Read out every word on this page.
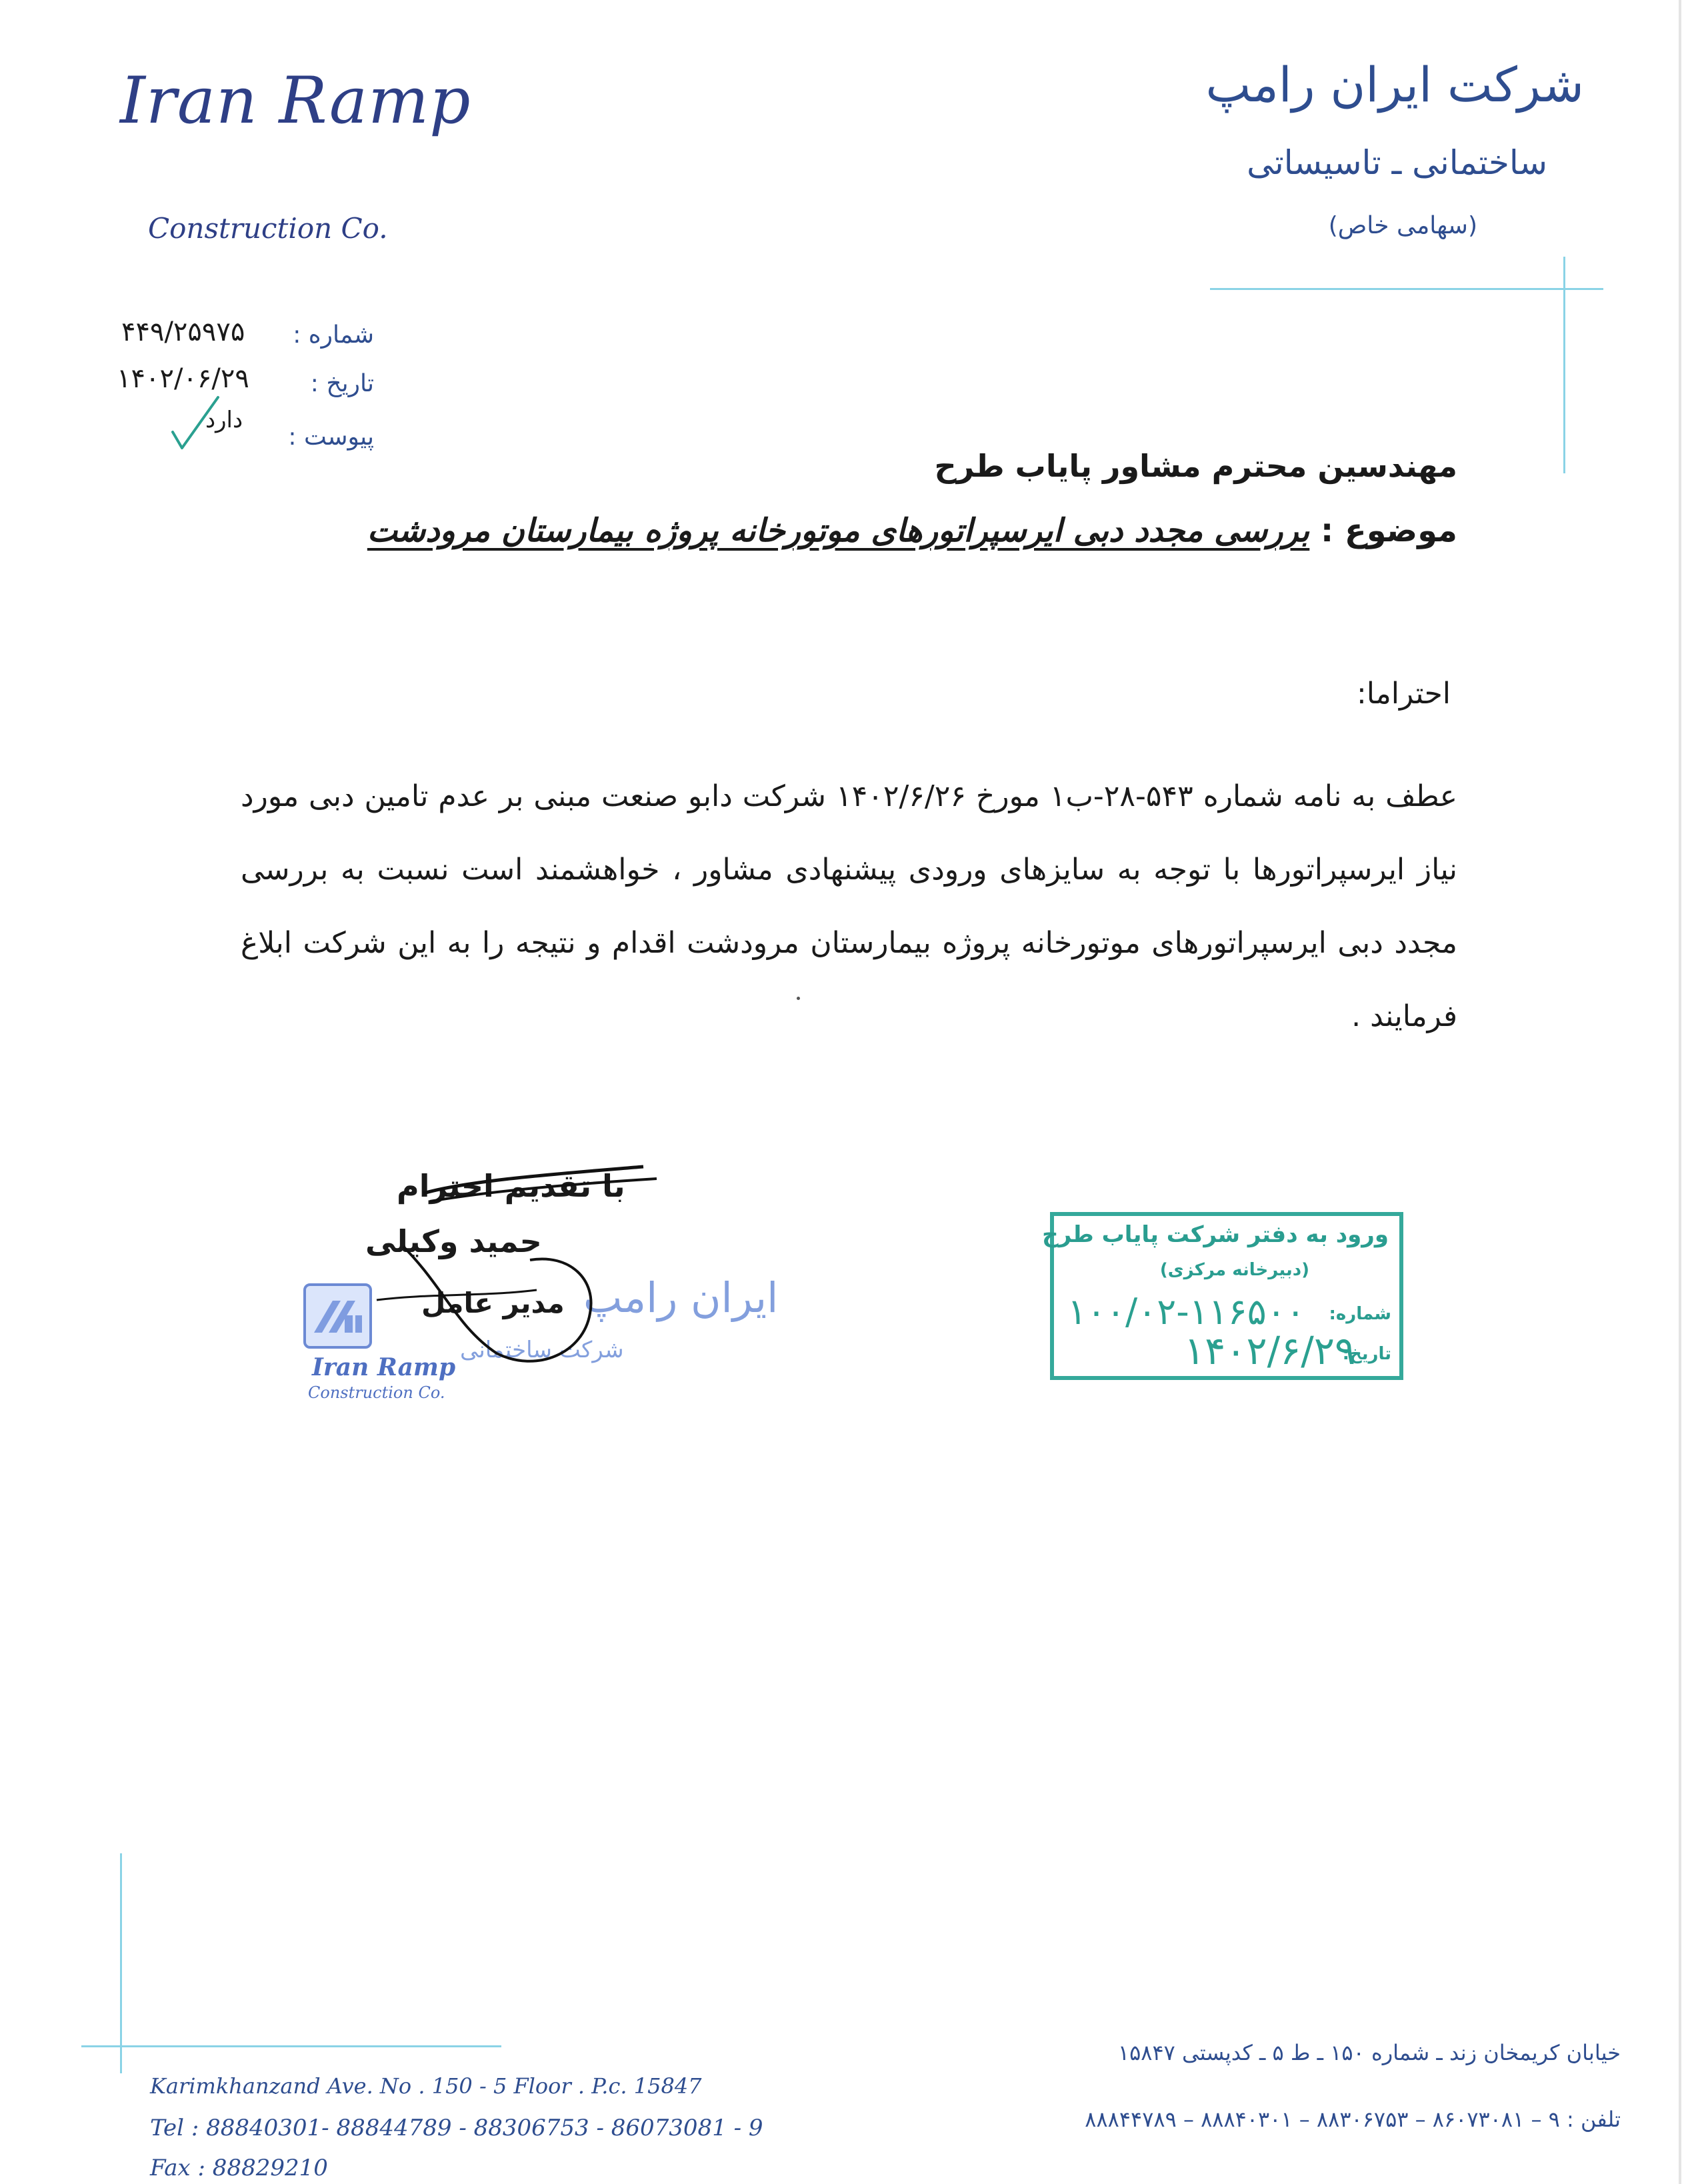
Iran Ramp
Construction Co.
شرکت ایران رامپ
ساختمانی ـ تاسیساتی
(سهامی خاص)
شماره :
۴۴۹/۲۵۹۷۵
تاریخ :
۱۴۰۲/۰۶/۲۹
پیوست :
دارد
مهندسین محترم مشاور پایاب طرح
موضوع : بررسی مجدد دبی ایرسپراتورهای موتورخانه پروژه بیمارستان مرودشت
احتراما:
عطف به نامه شماره ۵۴۳-۲۸-ب۱ مورخ ۱۴۰۲/۶/۲۶ شرکت دابو صنعت مبنی بر عدم تامین دبی مورد نیاز ایرسپراتورها با توجه به سایزهای ورودی پیشنهادی مشاور ، خواهشمند است نسبت به بررسی مجدد دبی ایرسپراتورهای موتورخانه پروژه بیمارستان مرودشت اقدام و نتیجه را به این شرکت ابلاغ فرمایند .
ایران رامپ
شرکت ساختمانی
Iran Ramp
Construction Co.
با تقدیم احترام
حمید وکیلی
مدیر عامل
ورود به دفتر شرکت پایاب طرح
(دبیرخانه مرکزی)
شماره:
۱۰۰/۰۲-۱۱۶۵۰۰
تاریخ:
۱۴۰۲/۶/۲۹
Karimkhanzand Ave. No . 150 - 5 Floor . P.c. 15847
Tel : 88840301- 88844789 - 88306753 - 86073081 - 9
Fax : 88829210
خیابان کریمخان زند ـ شماره ۱۵۰ ـ ط ۵ ـ کدپستی ۱۵۸۴۷
تلفن : ۹ – ۸۶۰۷۳۰۸۱ – ۸۸۳۰۶۷۵۳ – ۸۸۸۴۰۳۰۱ – ۸۸۸۴۴۷۸۹
